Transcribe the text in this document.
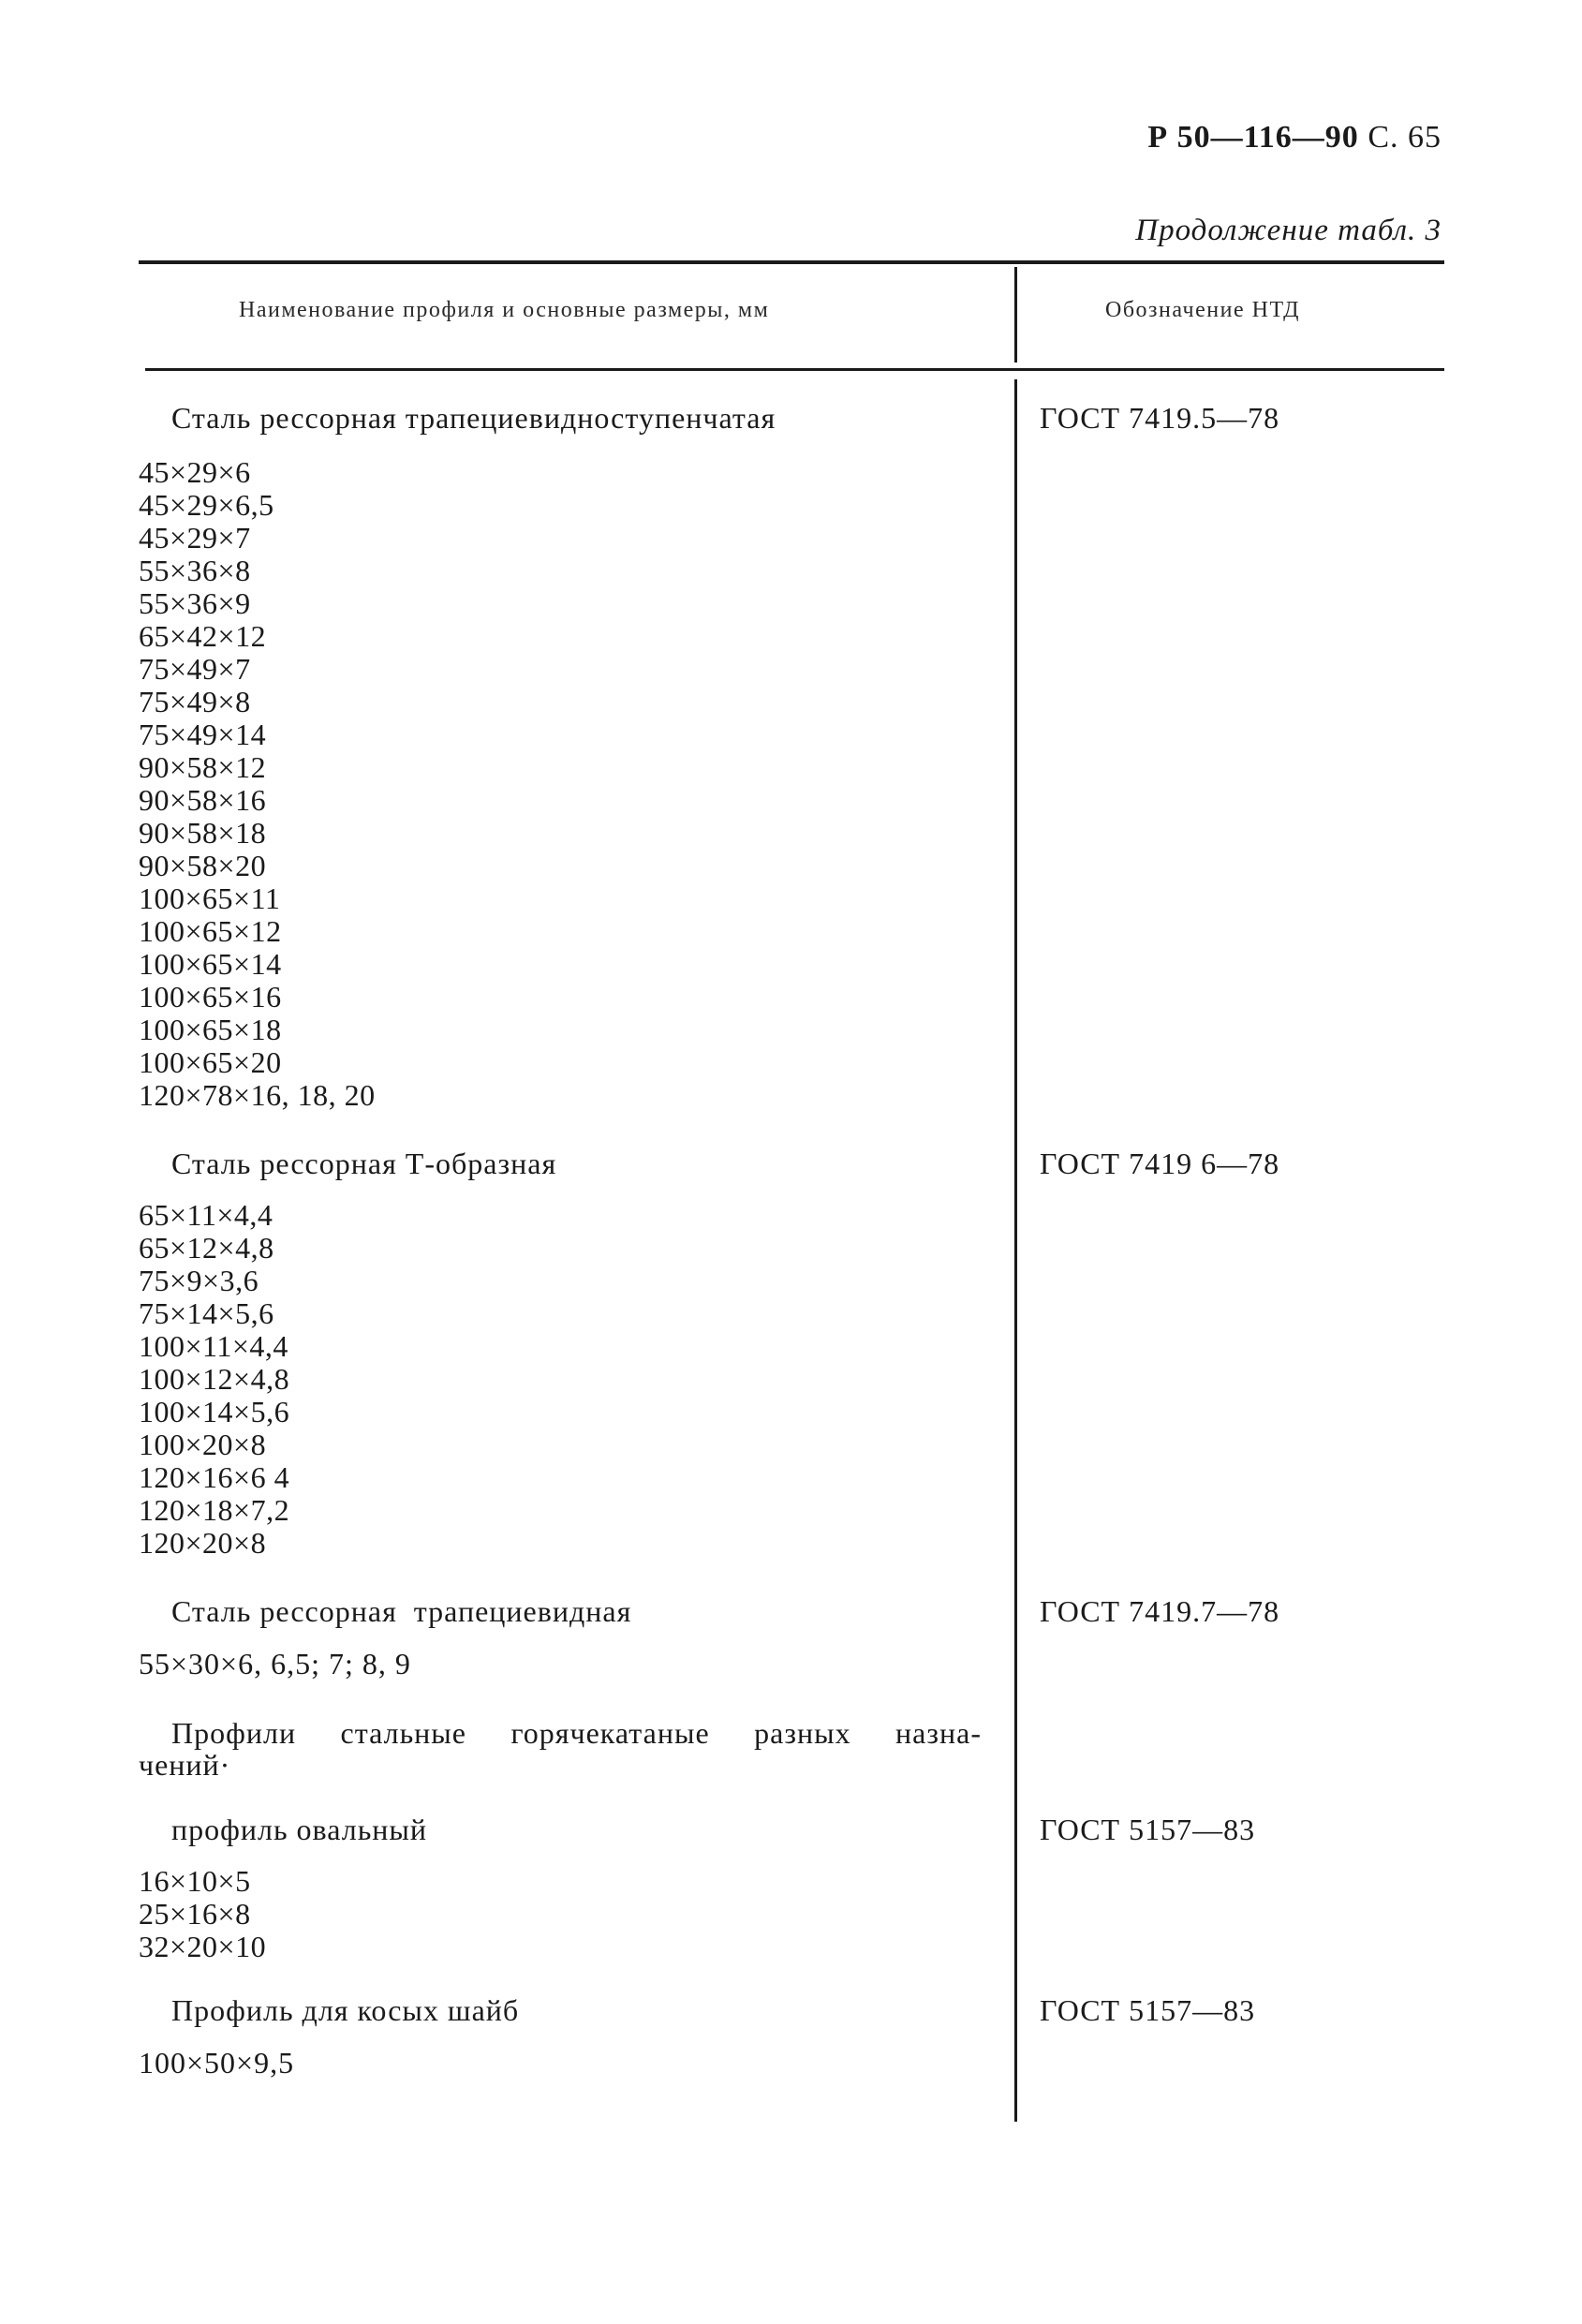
Р 50—116—90 С. 65
Продолжение табл. 3
Наименование профиля и основные размеры, мм	Обозначение НТД
Сталь рессорная трапециевидноступенчатая	ГОСТ 7419.5—78
45×29×6
45×29×6,5
45×29×7
55×36×8
55×36×9
65×42×12
75×49×7
75×49×8
75×49×14
90×58×12
90×58×16
90×58×18
90×58×20
100×65×11
100×65×12
100×65×14
100×65×16
100×65×18
100×65×20
120×78×16, 18, 20
Сталь рессорная Т-образная	ГОСТ 7419 6—78
65×11×4,4
65×12×4,8
75×9×3,6
75×14×5,6
100×11×4,4
100×12×4,8
100×14×5,6
100×20×8
120×16×6 4
120×18×7,2
120×20×8
Сталь рессорная  трапециевидная	ГОСТ 7419.7—78
55×30×6, 6,5; 7; 8, 9
Профили стальные горячекатаные разных назна-
чений·
профиль овальный	ГОСТ 5157—83
16×10×5
25×16×8
32×20×10
Профиль для косых шайб	ГОСТ 5157—83
100×50×9,5
